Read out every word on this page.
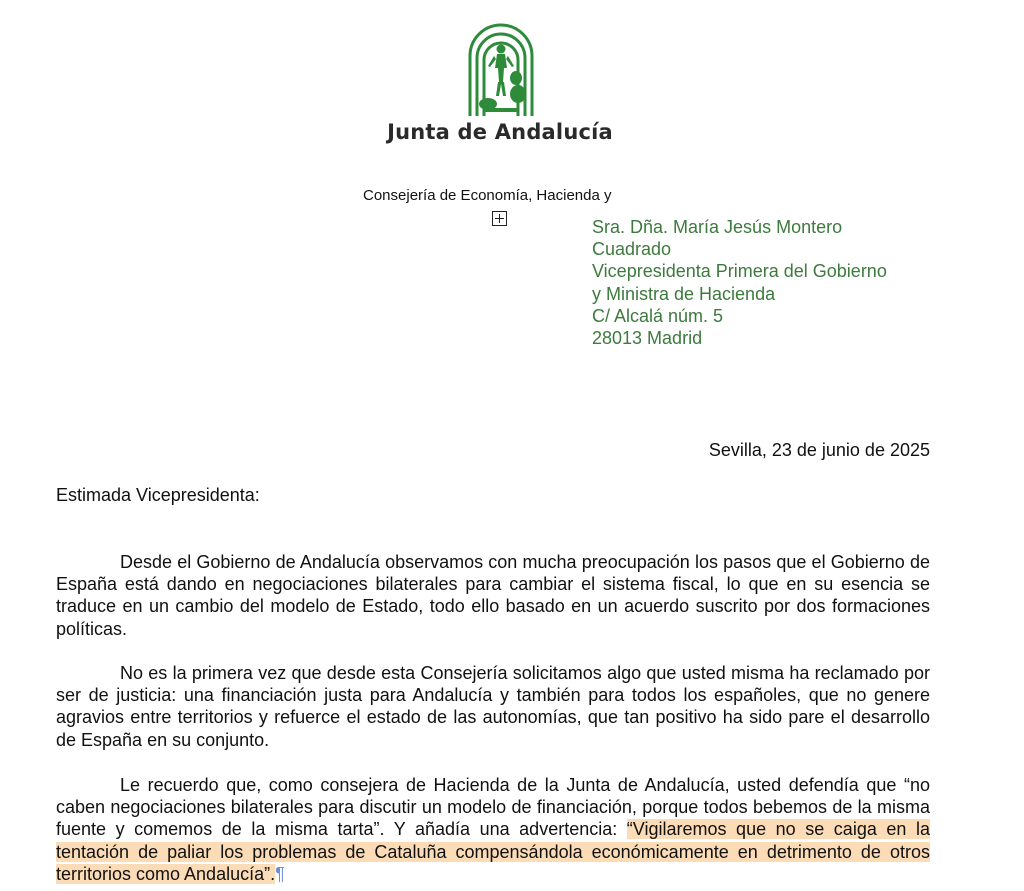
Junta de Andalucía
Consejería de Economía, Hacienda y
Sra. Dña. María Jesús Montero
Cuadrado
Vicepresidenta Primera del Gobierno
y Ministra de Hacienda
C/ Alcalá núm. 5
28013 Madrid
Sevilla, 23 de junio de 2025
Estimada Vicepresidenta:
Desde el Gobierno de Andalucía observamos con mucha preocupación los pasos que el Gobierno de España está dando en negociaciones bilaterales para cambiar el sistema fiscal, lo que en su esencia se traduce en un cambio del modelo de Estado, todo ello basado en un acuerdo suscrito por dos formaciones políticas.
No es la primera vez que desde esta Consejería solicitamos algo que usted misma ha reclamado por ser de justicia: una financiación justa para Andalucía y también para todos los españoles, que no genere agravios entre territorios y refuerce el estado de las autonomías, que tan positivo ha sido pare el desarrollo de España en su conjunto.
Le recuerdo que, como consejera de Hacienda de la Junta de Andalucía, usted defendía que “no caben negociaciones bilaterales para discutir un modelo de financiación, porque todos bebemos de la misma fuente y comemos de la misma tarta”. Y añadía una advertencia: “Vigilaremos que no se caiga en la tentación de paliar los problemas de Cataluña compensándola económicamente en detrimento de otros territorios como Andalucía”.¶
